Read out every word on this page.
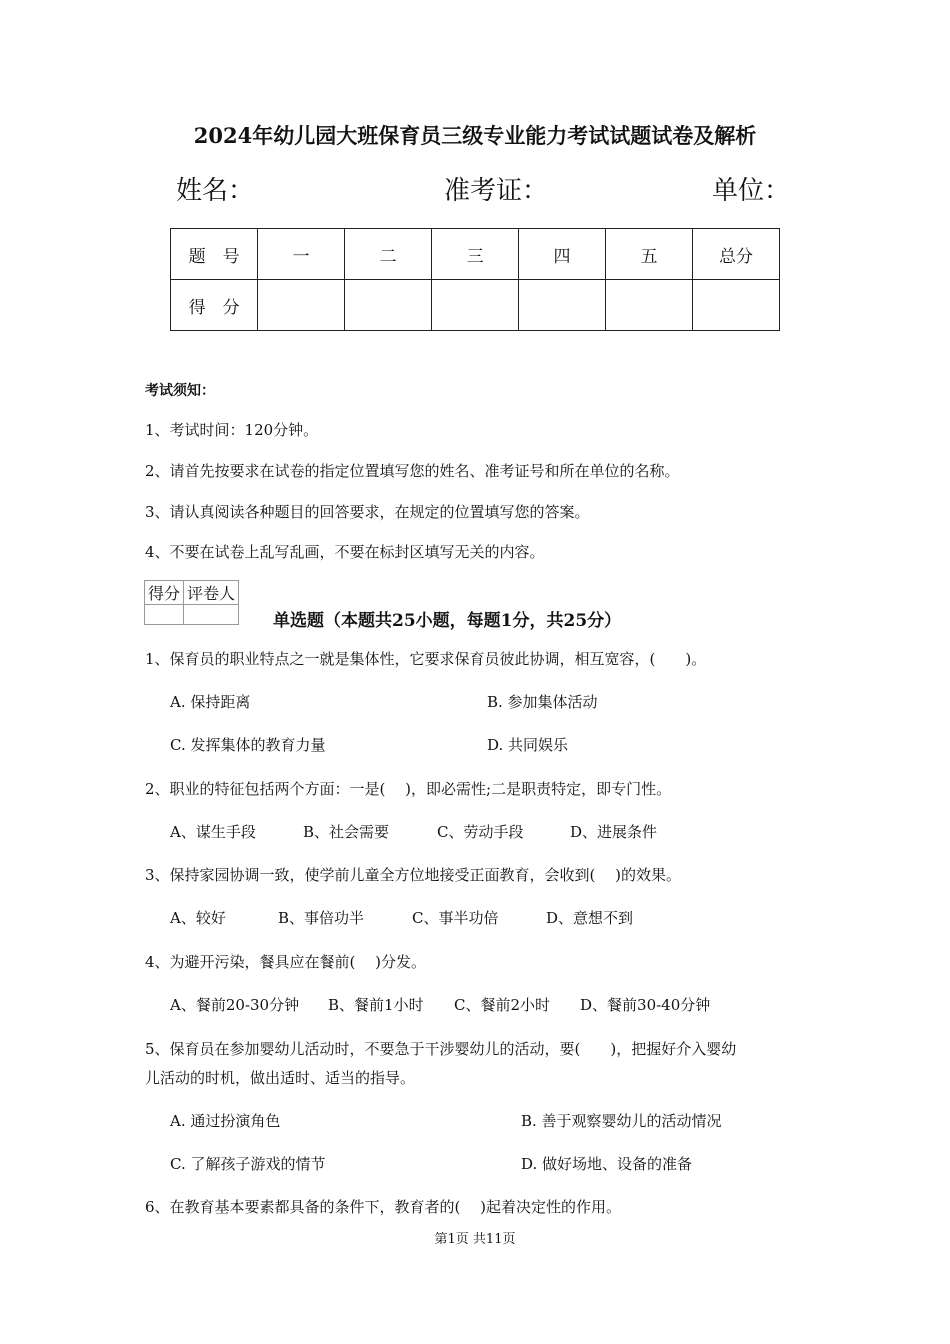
2024年幼儿园大班保育员三级专业能力考试试题试卷及解析
姓名：	准考证：	单位：
题　号	一	二	三	四	五	总分
得　分						
考试须知：
1、考试时间：120分钟。
2、请首先按要求在试卷的指定位置填写您的姓名、准考证号和所在单位的名称。
3、请认真阅读各种题目的回答要求，在规定的位置填写您的答案。
4、不要在试卷上乱写乱画，不要在标封区填写无关的内容。
得分	评卷人

单选题（本题共25小题，每题1分，共25分）
1、保育员的职业特点之一就是集体性，它要求保育员彼此协调，相互宽容，(　　)。
A. 保持距离	B. 参加集体活动
C. 发挥集体的教育力量	D. 共同娱乐
2、职业的特征包括两个方面：一是(　 )，即必需性;二是职责特定，即专门性。
A、谋生手段	B、社会需要	C、劳动手段	D、进展条件
3、保持家园协调一致，使学前儿童全方位地接受正面教育，会收到(　 )的效果。
A、较好	B、事倍功半	C、事半功倍	D、意想不到
4、为避开污染，餐具应在餐前(　 )分发。
A、餐前20-30分钟 B、餐前1小时 C、餐前2小时 D、餐前30-40分钟
5、保育员在参加婴幼儿活动时，不要急于干涉婴幼儿的活动，要(　　)，把握好介入婴幼
儿活动的时机，做出适时、适当的指导。
A. 通过扮演角色	B. 善于观察婴幼儿的活动情况
C. 了解孩子游戏的情节	D. 做好场地、设备的准备
6、在教育基本要素都具备的条件下，教育者的(　 )起着决定性的作用。
第1页 共11页
